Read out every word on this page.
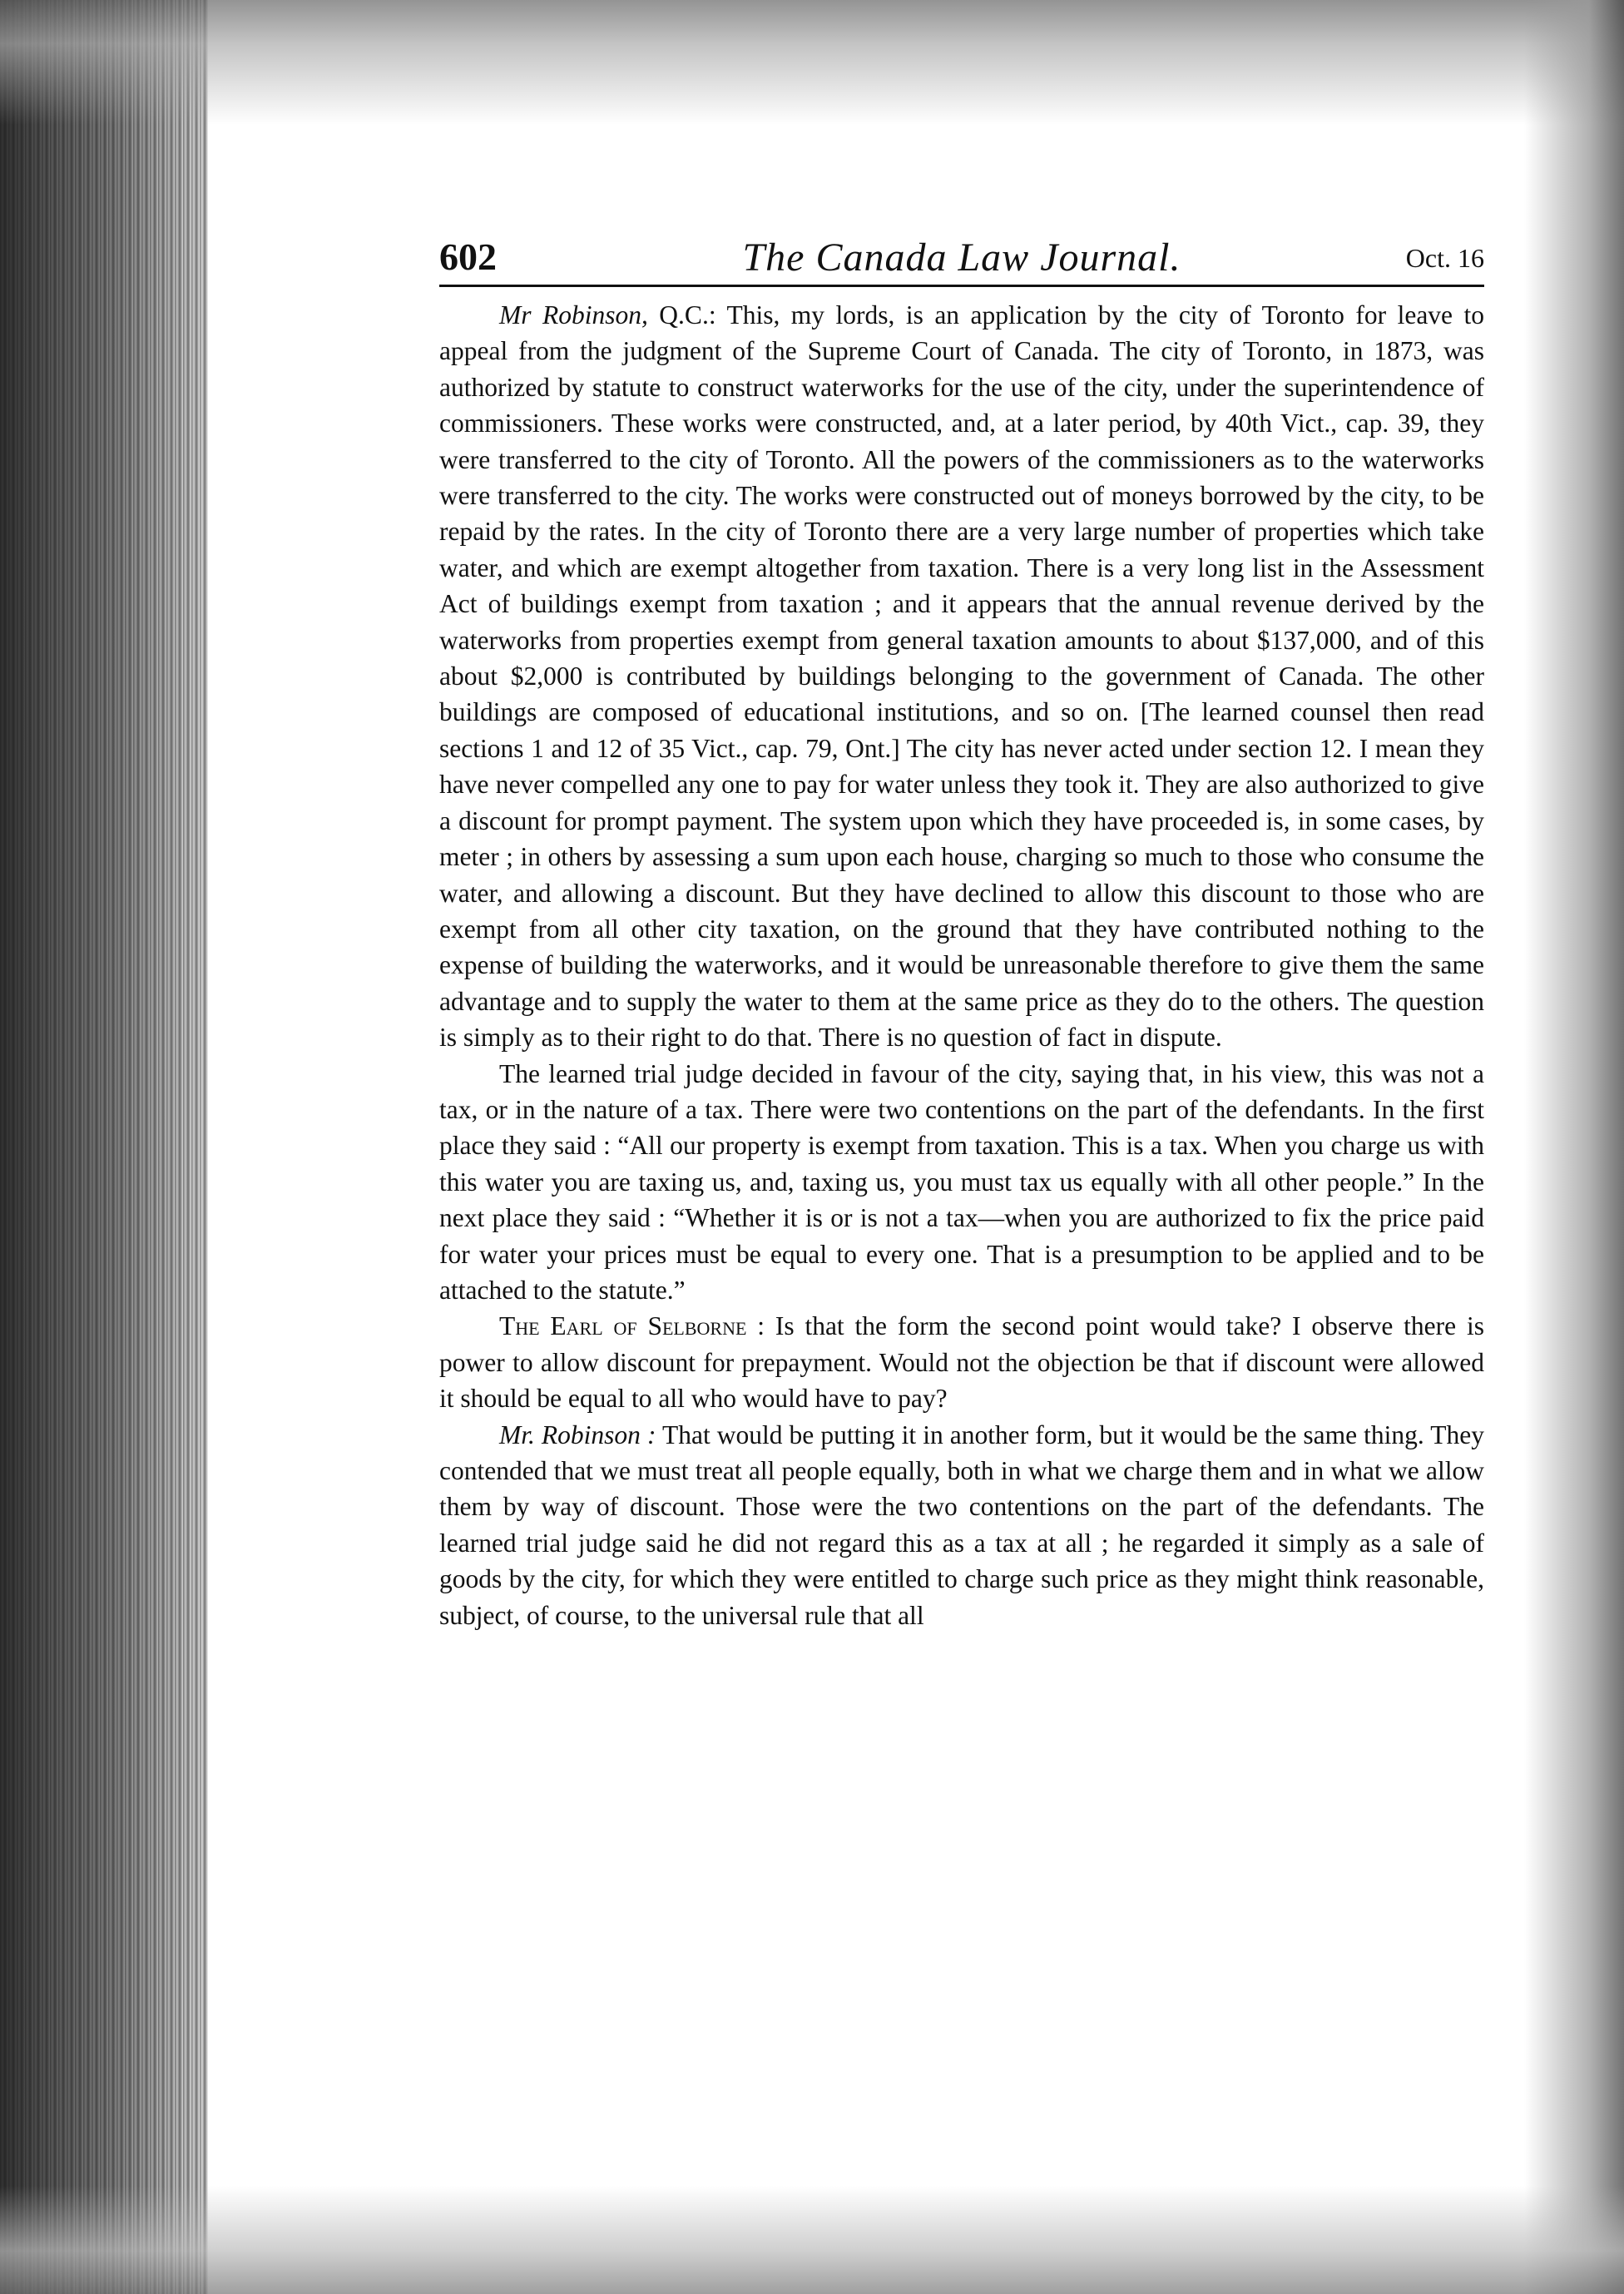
602	The Canada Law Journal.	Oct. 16

Mr Robinson, Q.C.: This, my lords, is an application by the city of Toronto for leave to appeal from the judgment of the Supreme Court of Canada. The city of Toronto, in 1873, was authorized by statute to construct waterworks for the use of the city, under the superintendence of commissioners. These works were constructed, and, at a later period, by 40th Vict., cap. 39, they were transferred to the city of Toronto. All the powers of the commissioners as to the waterworks were transferred to the city. The works were constructed out of moneys borrowed by the city, to be repaid by the rates. In the city of Toronto there are a very large number of properties which take water, and which are exempt altogether from taxation. There is a very long list in the Assessment Act of buildings exempt from taxation ; and it appears that the annual revenue derived by the waterworks from properties exempt from general taxation amounts to about $137,000, and of this about $2,000 is contributed by buildings belonging to the government of Canada. The other buildings are composed of educational institutions, and so on. [The learned counsel then read sections 1 and 12 of 35 Vict., cap. 79, Ont.] The city has never acted under section 12. I mean they have never compelled any one to pay for water unless they took it. They are also authorized to give a discount for prompt payment. The system upon which they have proceeded is, in some cases, by meter ; in others by assessing a sum upon each house, charging so much to those who consume the water, and allowing a discount. But they have declined to allow this discount to those who are exempt from all other city taxation, on the ground that they have contributed nothing to the expense of building the waterworks, and it would be unreasonable therefore to give them the same advantage and to supply the water to them at the same price as they do to the others. The question is simply as to their right to do that. There is no question of fact in dispute.

The learned trial judge decided in favour of the city, saying that, in his view, this was not a tax, or in the nature of a tax. There were two contentions on the part of the defendants. In the first place they said : “All our property is exempt from taxation. This is a tax. When you charge us with this water you are taxing us, and, taxing us, you must tax us equally with all other people.” In the next place they said : “Whether it is or is not a tax—when you are authorized to fix the price paid for water your prices must be equal to every one. That is a presumption to be applied and to be attached to the statute.”

The Earl of Selborne : Is that the form the second point would take? I observe there is power to allow discount for prepayment. Would not the objection be that if discount were allowed it should be equal to all who would have to pay?

Mr. Robinson : That would be putting it in another form, but it would be the same thing. They contended that we must treat all people equally, both in what we charge them and in what we allow them by way of discount. Those were the two contentions on the part of the defendants. The learned trial judge said he did not regard this as a tax at all ; he regarded it simply as a sale of goods by the city, for which they were entitled to charge such price as they might think reasonable, subject, of course, to the universal rule that all
